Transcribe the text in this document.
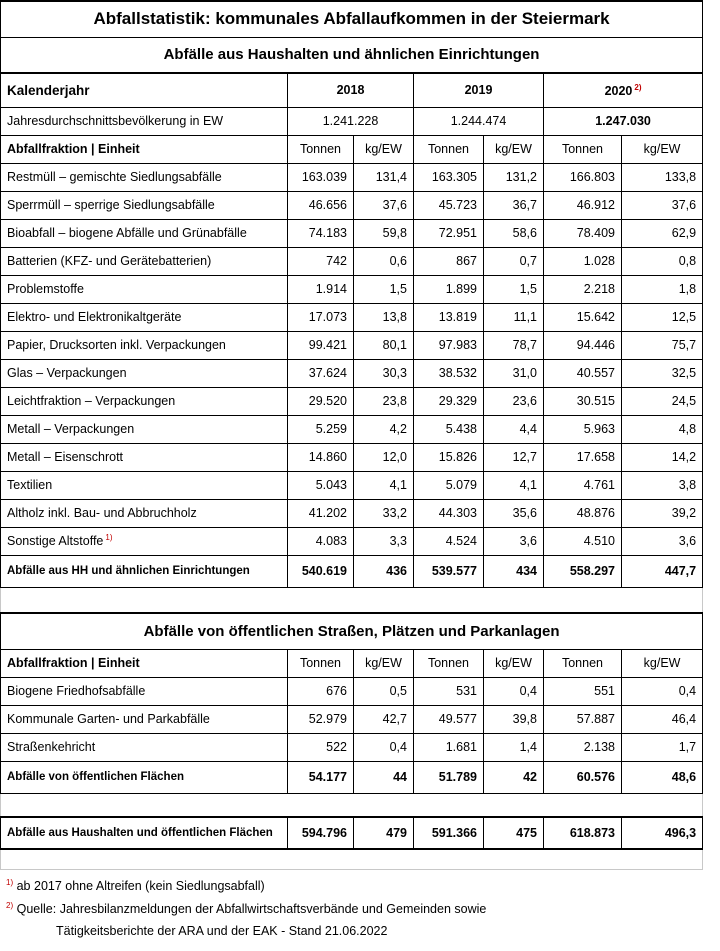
Abfallstatistik: kommunales Abfallaufkommen in der Steiermark						
Abfälle aus Haushalten und ähnlichen Einrichtungen						
Kalenderjahr	2018		2019		2020 $^{2)}$
Jahresdurchschnittsbevölkerung in EW	1.241.228		1.244.474		1.247.030	
Abfallfraktion | Einheit	Tonnen	kg/EW	Tonnen	kg/EW	Tonnen	kg/EW
Restmüll – gemischte Siedlungsabfälle	163.039	131,4	163.305	131,2	166.803	133,8
Sperrmüll – sperrige Siedlungsabfälle	46.656	37,6	45.723	36,7	46.912	37,6
Bioabfall – biogene Abfälle und Grünabfälle	74.183	59,8	72.951	58,6	78.409	62,9
Batterien (KFZ- und Gerätebatterien)	742	0,6	867	0,7	1.028	0,8
Problemstoffe	1.914	1,5	1.899	1,5	2.218	1,8
Elektro- und Elektronikaltgeräte	17.073	13,8	13.819	11,1	15.642	12,5
Papier, Drucksorten inkl. Verpackungen	99.421	80,1	97.983	78,7	94.446	75,7
Glas – Verpackungen	37.624	30,3	38.532	31,0	40.557	32,5
Leichtfraktion – Verpackungen	29.520	23,8	29.329	23,6	30.515	24,5
Metall – Verpackungen	5.259	4,2	5.438	4,4	5.963	4,8
Metall – Eisenschrott	14.860	12,0	15.826	12,7	17.658	14,2
Textilien	5.043	4,1	5.079	4,1	4.761	3,8
Altholz inkl. Bau- und Abbruchholz	41.202	33,2	44.303	35,6	48.876	39,2
Sonstige Altstoffe $^{1)}$	4.083	3,3	4.524	3,6	4.510	3,6
Abfälle aus HH und ähnlichen Einrichtungen	540.619	436	539.577	434	558.297	447,7

Abfälle von öffentlichen Straßen, Plätzen und Parkanlagen						
Abfallfraktion | Einheit	Tonnen	kg/EW	Tonnen	kg/EW	Tonnen	kg/EW
Biogene Friedhofsabfälle	676	0,5	531	0,4	551	0,4
Kommunale Garten- und Parkabfälle	52.979	42,7	49.577	39,8	57.887	46,4
Straßenkehricht	522	0,4	1.681	1,4	2.138	1,7
Abfälle von öffentlichen Flächen	54.177	44	51.789	42	60.576	48,6

Abfälle aus Haushalten und öffentlichen Flächen	594.796	479	591.366	475	618.873	496,3

$^{1)}$ ab 2017 ohne Altreifen (kein Siedlungsabfall)
$^{2)}$ Quelle: Jahresbilanzmeldungen der Abfallwirtschaftsverbände und Gemeinden sowie
Tätigkeitsberichte der ARA und der EAK - Stand 21.06.2022
